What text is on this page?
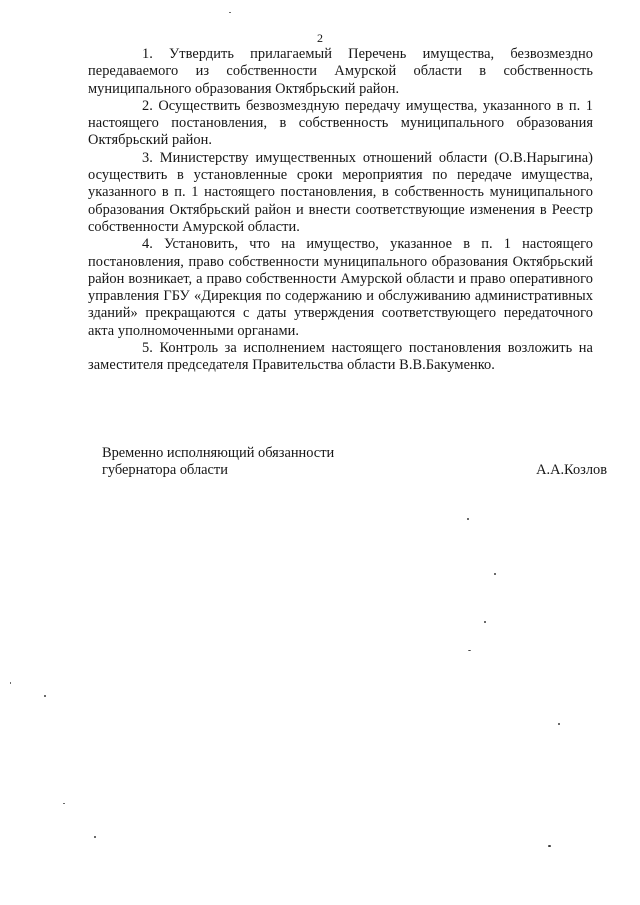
2

1. Утвердить прилагаемый Перечень имущества, безвозмездно передаваемого из собственности Амурской области в собственность муниципального образования Октябрьский район.

2. Осуществить безвозмездную передачу имущества, указанного в п. 1 настоящего постановления, в собственность муниципального образования Октябрьский район.

3. Министерству имущественных отношений области (О.В.Нарыгина) осуществить в установленные сроки мероприятия по передаче имущества, указанного в п. 1 настоящего постановления, в собственность муниципального образования Октябрьский район и внести соответствующие изменения в Реестр собственности Амурской области.

4. Установить, что на имущество, указанное в п. 1 настоящего постановления, право собственности муниципального образования Октябрьский район возникает, а право собственности Амурской области и право оперативного управления ГБУ «Дирекция по содержанию и обслуживанию административных зданий» прекращаются с даты утверждения соответствующего передаточного акта уполномоченными органами.

5. Контроль за исполнением настоящего постановления возложить на заместителя председателя Правительства области В.В.Бакуменко.

Временно исполняющий обязанности
губернатора области	А.А.Козлов
